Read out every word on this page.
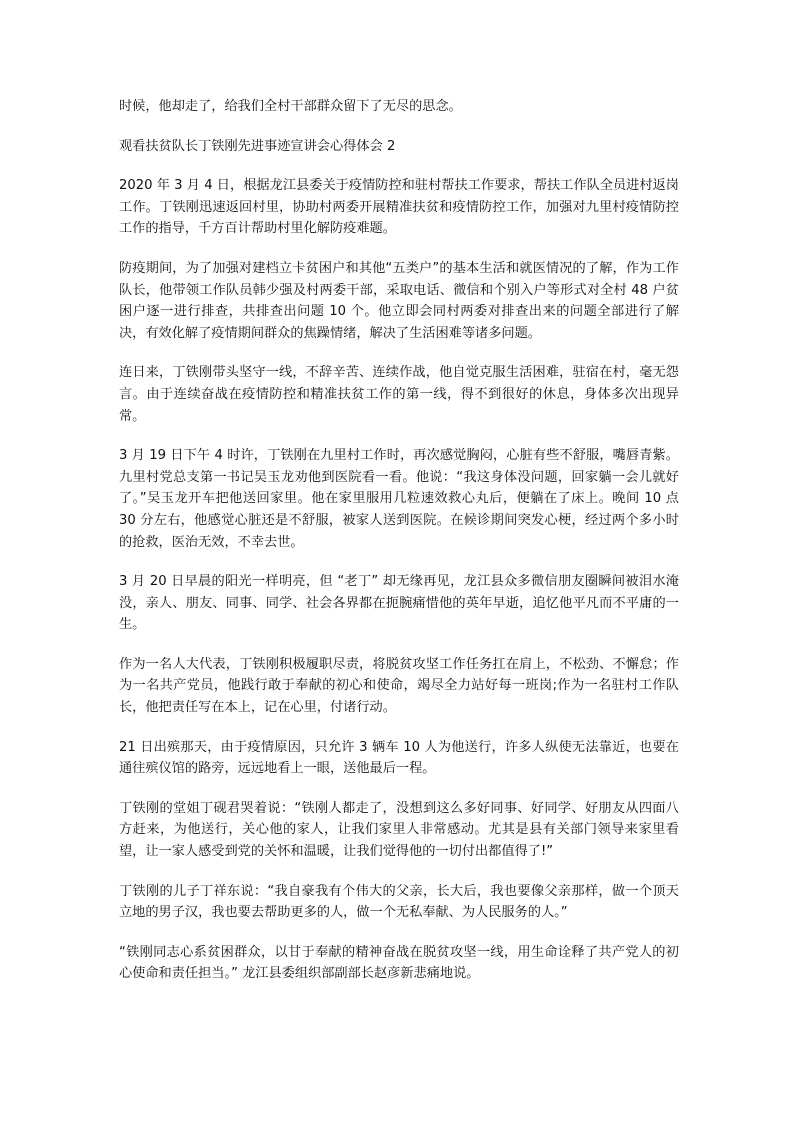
时候，他却走了，给我们全村干部群众留下了无尽的思念。

观看扶贫队长丁铁刚先进事迹宣讲会心得体会 2

2020 年 3 月 4 日，根据龙江县委关于疫情防控和驻村帮扶工作要求，帮扶工作队全员进村返岗工作。丁铁刚迅速返回村里，协助村两委开展精准扶贫和疫情防控工作，加强对九里村疫情防控工作的指导，千方百计帮助村里化解防疫难题。

防疫期间，为了加强对建档立卡贫困户和其他“五类户”的基本生活和就医情况的了解，作为工作队长，他带领工作队员韩少强及村两委干部，采取电话、微信和个别入户等形式对全村 48 户贫困户逐一进行排查，共排查出问题 10 个。他立即会同村两委对排查出来的问题全部进行了解决，有效化解了疫情期间群众的焦躁情绪，解决了生活困难等诸多问题。

连日来，丁铁刚带头坚守一线，不辞辛苦、连续作战，他自觉克服生活困难，驻宿在村，毫无怨言。由于连续奋战在疫情防控和精准扶贫工作的第一线，得不到很好的休息，身体多次出现异常。

3 月 19 日下午 4 时许，丁铁刚在九里村工作时，再次感觉胸闷，心脏有些不舒服，嘴唇青紫。九里村党总支第一书记吴玉龙劝他到医院看一看。他说：“我这身体没问题，回家躺一会儿就好了。”吴玉龙开车把他送回家里。他在家里服用几粒速效救心丸后，便躺在了床上。晚间 10 点 30 分左右，他感觉心脏还是不舒服，被家人送到医院。在候诊期间突发心梗，经过两个多小时的抢救，医治无效，不幸去世。

3 月 20 日早晨的阳光一样明亮，但 “老丁” 却无缘再见，龙江县众多微信朋友圈瞬间被泪水淹没，亲人、朋友、同事、同学、社会各界都在扼腕痛惜他的英年早逝，追忆他平凡而不平庸的一生。

作为一名人大代表，丁铁刚积极履职尽责，将脱贫攻坚工作任务扛在肩上，不松劲、不懈怠；作为一名共产党员，他践行敢于奉献的初心和使命，竭尽全力站好每一班岗;作为一名驻村工作队长，他把责任写在本上，记在心里，付诸行动。

21 日出殡那天，由于疫情原因，只允许 3 辆车 10 人为他送行，许多人纵使无法靠近，也要在通往殡仪馆的路旁，远远地看上一眼，送他最后一程。

丁铁刚的堂姐丁砚君哭着说：“铁刚人都走了，没想到这么多好同事、好同学、好朋友从四面八方赶来，为他送行，关心他的家人，让我们家里人非常感动。尤其是县有关部门领导来家里看望，让一家人感受到党的关怀和温暖，让我们觉得他的一切付出都值得了!”

丁铁刚的儿子丁祥东说：“我自豪我有个伟大的父亲，长大后，我也要像父亲那样，做一个顶天立地的男子汉，我也要去帮助更多的人，做一个无私奉献、为人民服务的人。”

“铁刚同志心系贫困群众，以甘于奉献的精神奋战在脱贫攻坚一线，用生命诠释了共产党人的初心使命和责任担当。” 龙江县委组织部副部长赵彦新悲痛地说。
